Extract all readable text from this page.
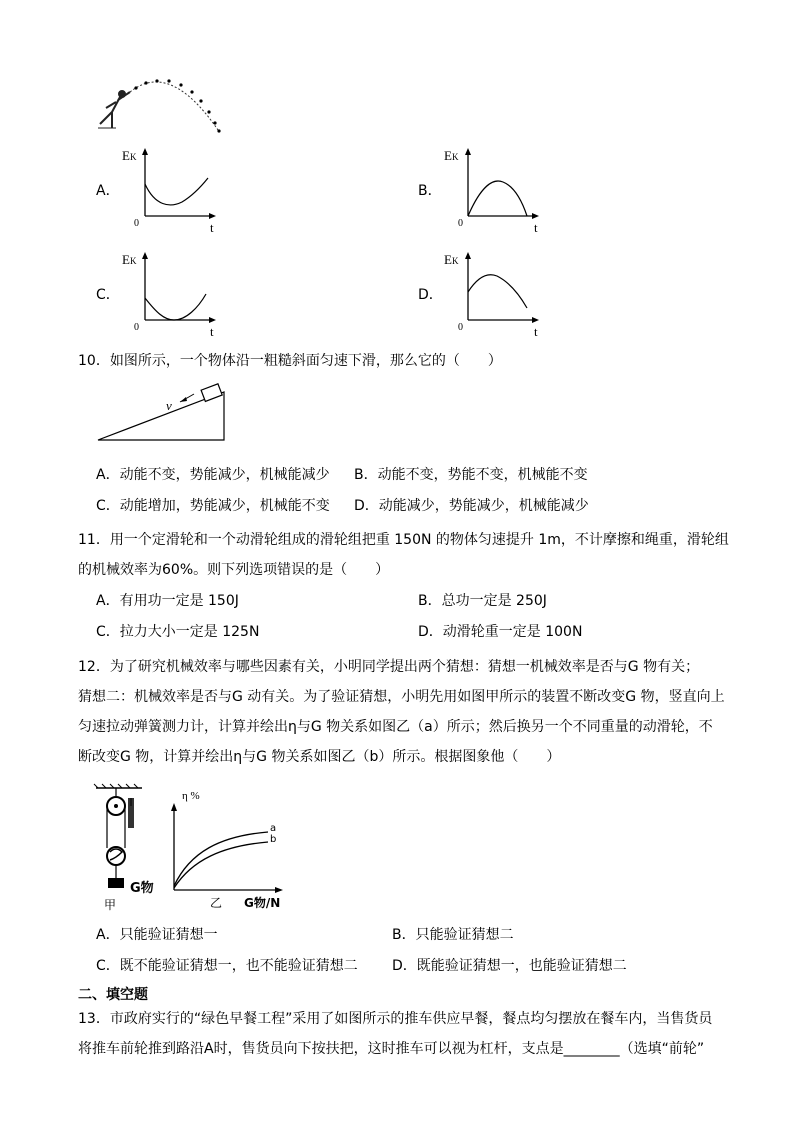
A．
EK
0	t
B．
EK
0	t
C．
EK
0	t
D．
EK
0	t
10．如图所示，一个物体沿一粗糙斜面匀速下滑，那么它的（　　）
v
A．动能不变，势能减少，机械能减少 B．动能不变，势能不变，机械能不变
C．动能增加，势能减少，机械能不变 D．动能减少，势能减少，机械能减少
11．用一个定滑轮和一个动滑轮组成的滑轮组把重 150N 的物体匀速提升 1m，不计摩擦和绳重，滑轮组
的机械效率为60%。则下列选项错误的是（　　）
A．有用功一定是 150J	B．总功一定是 250J
C．拉力大小一定是 125N	D．动滑轮重一定是 100N
12．为了研究机械效率与哪些因素有关，小明同学提出两个猜想：猜想一机械效率是否与G 物有关；
猜想二：机械效率是否与G 动有关。为了验证猜想，小明先用如图甲所示的装置不断改变G 物，竖直向上
匀速拉动弹簧测力计，计算并绘出η与G 物关系如图乙（a）所示；然后换另一个不同重量的动滑轮，不
断改变G 物，计算并绘出η与G 物关系如图乙（b）所示。根据图象他（　　）
G物
甲
η %
a
b
乙 G物/N
A．只能验证猜想一	B．只能验证猜想二
C．既不能验证猜想一，也不能验证猜想二 D．既能验证猜想一，也能验证猜想二
二、填空题
13．市政府实行的“绿色早餐工程”采用了如图所示的推车供应早餐，餐点均匀摆放在餐车内，当售货员
将推车前轮推到路沿A时，售货员向下按扶把，这时推车可以视为杠杆，支点是________（选填“前轮”
